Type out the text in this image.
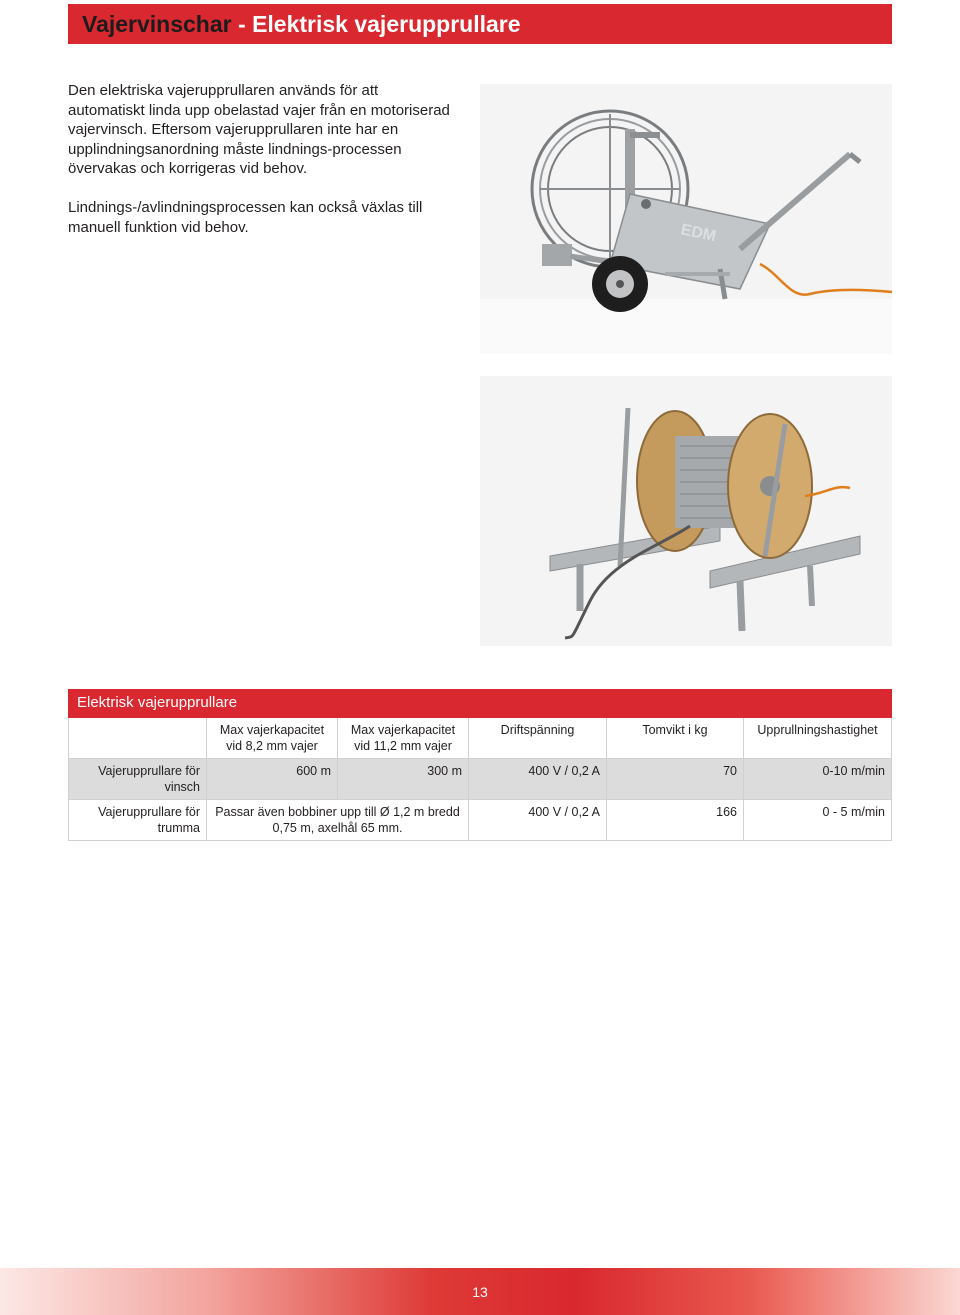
Vajervinschar - Elektrisk vajerupprullare

Den elektriska vajerupprullaren används för att automatiskt linda upp obelastad vajer från en motoriserad vajervinsch. Eftersom vajerupprullaren inte har en upplindningsanordning måste lindnings-processen övervakas och korrigeras vid behov.

Lindnings-/avlindningsprocessen kan också växlas till manuell funktion vid behov.	EDM
Elektrisk vajerupprullare					
	Max vajerkapacitet vid 8,2 mm vajer	Max vajerkapacitet vid 11,2 mm vajer	Driftspänning	Tomvikt i kg	Upprullningshastighet
Vajerupprullare för vinsch	600 m	300 m	400 V / 0,2 A	70	0-10 m/min
Vajerupprullare för trumma	Passar även bobbiner upp till Ø 1,2 m bredd 0,75 m, axelhål 65 mm.		400 V / 0,2 A	166	0 - 5 m/min
13
